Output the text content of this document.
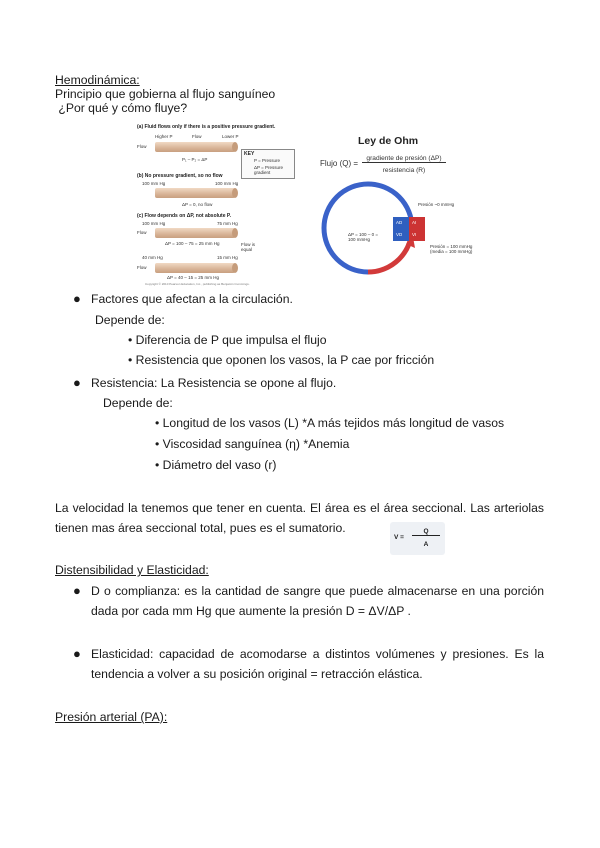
Hemodinámica:
Principio que gobierna al flujo sanguíneo
¿Por qué y cómo fluye?
(a) Fluid flows only if there is a positive pressure gradient.
Higher P	Flow	Lower P
Flow
P₁ – P₂ = ΔP
KEY
P = Pressure
ΔP = Pressure gradient
(b) No pressure gradient, so no flow
100 mm Hg	100 mm Hg
ΔP = 0, no flow
(c) Flow depends on ΔP, not absolute P.
100 mm Hg	75 mm Hg
Flow
ΔP = 100 – 75 = 25 mm Hg	Flow is equal
40 mm Hg	15 mm Hg
Flow
ΔP = 40 – 15 = 25 mm Hg
Copyright © 2010 Pearson Education, Inc., publishing as Benjamin Cummings.
Ley de Ohm
Flujo (Q) =
gradiente de presión (ΔP)
resistencia (R)
AD AI
VD VI
Presión ~0 mmHg
ΔP = 100 – 0 = 100 mmHg
Presión = 100 mmHg (media = 100 mmHg)
● Factores que afectan a la circulación.
Depende de:
• Diferencia de P que impulsa el flujo
• Resistencia que oponen los vasos, la P cae por fricción
● Resistencia: La Resistencia se opone al flujo.
Depende de:
• Longitud de los vasos (L) *A más tejidos más longitud de vasos
• Viscosidad sanguínea (η) *Anemia
• Diámetro del vaso (r)
La velocidad la tenemos que tener en cuenta. El área es el área seccional. Las arteriolas
tienen mas área seccional total, pues es el sumatorio.
V =
Q
A
Distensibilidad y Elasticidad:
● D o complianza: es la cantidad de sangre que puede almacenarse en una porción
dada por cada mm Hg que aumente la presión D = ΔV/ΔP .
● Elasticidad: capacidad de acomodarse a distintos volúmenes y presiones. Es la
tendencia a volver a su posición original = retracción elástica.
Presión arterial (PA):
